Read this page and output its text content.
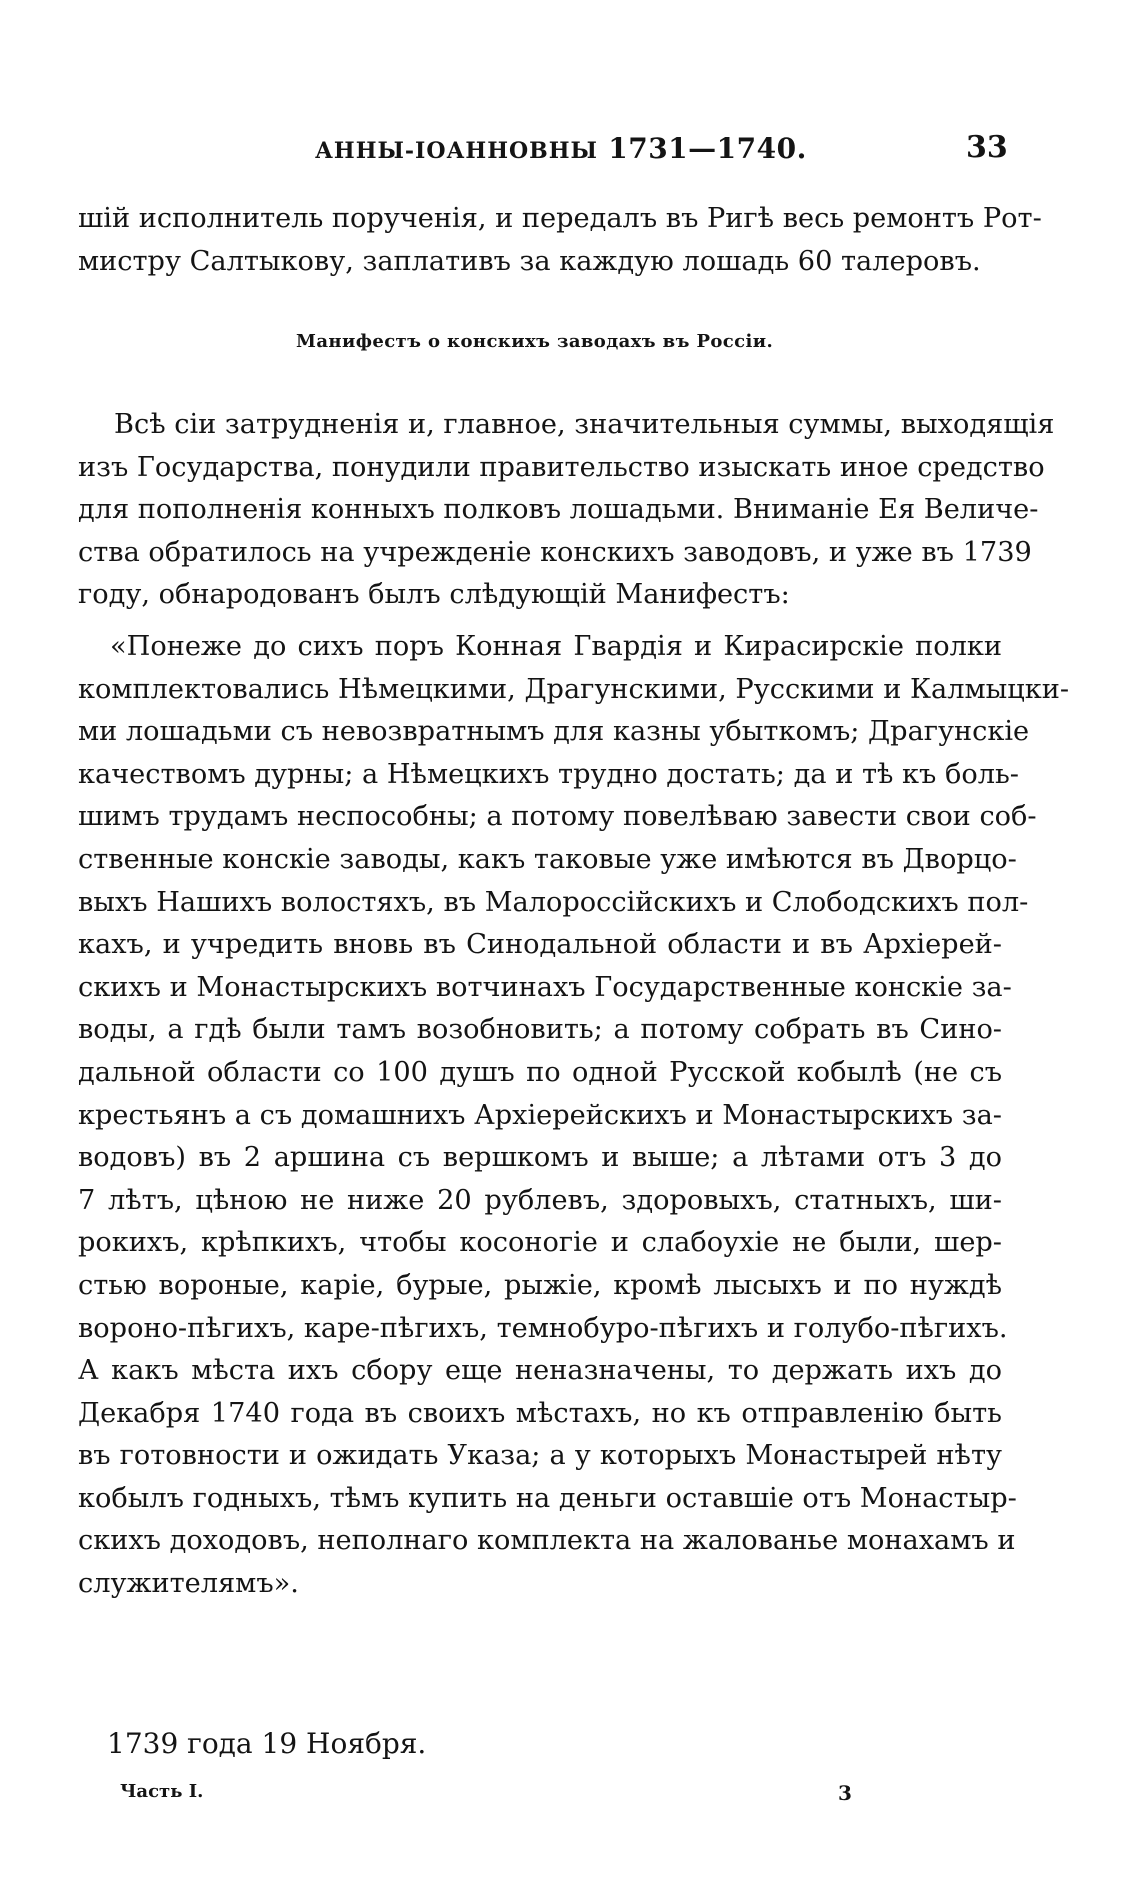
АННЫ-ІОАННОВНЫ 1731—1740.	33
шій исполнитель порученія, и передалъ въ Ригѣ весь ремонтъ Рот-
мистру Салтыкову, заплативъ за каждую лошадь 60 талеровъ.
Манифестъ о конскихъ заводахъ въ Россіи.
Всѣ сіи затрудненія и, главное, значительныя суммы, выходящія
изъ Государства, понудили правительство изыскать иное средство
для пополненія конныхъ полковъ лошадьми. Вниманіе Ея Величе-
ства обратилось на учрежденіе конскихъ заводовъ, и уже въ 1739
году, обнародованъ былъ слѣдующій Манифестъ:
«Понеже до сихъ поръ Конная Гвардія и Кирасирскіе полки
комплектовались Нѣмецкими, Драгунскими, Русскими и Калмыцки-
ми лошадьми съ невозвратнымъ для казны убыткомъ; Драгунскіе
качествомъ дурны; а Нѣмецкихъ трудно достать; да и тѣ къ боль-
шимъ трудамъ неспособны; а потому повелѣваю завести свои соб-
ственные конскіе заводы, какъ таковые уже имѣются въ Дворцо-
выхъ Нашихъ волостяхъ, въ Малороссійскихъ и Слободскихъ пол-
кахъ, и учредить вновь въ Синодальной области и въ Архіерей-
скихъ и Монастырскихъ вотчинахъ Государственные конскіе за-
воды, а гдѣ были тамъ возобновить; а потому собрать въ Сино-
дальной области со 100 душъ по одной Русской кобылѣ (не съ
крестьянъ а съ домашнихъ Архіерейскихъ и Монастырскихъ за-
водовъ) въ 2 аршина съ вершкомъ и выше; а лѣтами отъ 3 до
7 лѣтъ, цѣною не ниже 20 рублевъ, здоровыхъ, статныхъ, ши-
рокихъ, крѣпкихъ, чтобы косоногіе и слабоухіе не были, шер-
стью вороные, каріе, бурые, рыжіе, кромѣ лысыхъ и по нуждѣ
вороно-пѣгихъ, каре-пѣгихъ, темнобуро-пѣгихъ и голубо-пѣгихъ.
А какъ мѣста ихъ сбору еще неназначены, то держать ихъ до
Декабря 1740 года въ своихъ мѣстахъ, но къ отправленію быть
въ готовности и ожидать Указа; а у которыхъ Монастырей нѣту
кобылъ годныхъ, тѣмъ купить на деньги оставшіе отъ Монастыр-
скихъ доходовъ, неполнаго комплекта на жалованье монахамъ и
служителямъ».
1739 года 19 Ноября.
Часть I.	3
